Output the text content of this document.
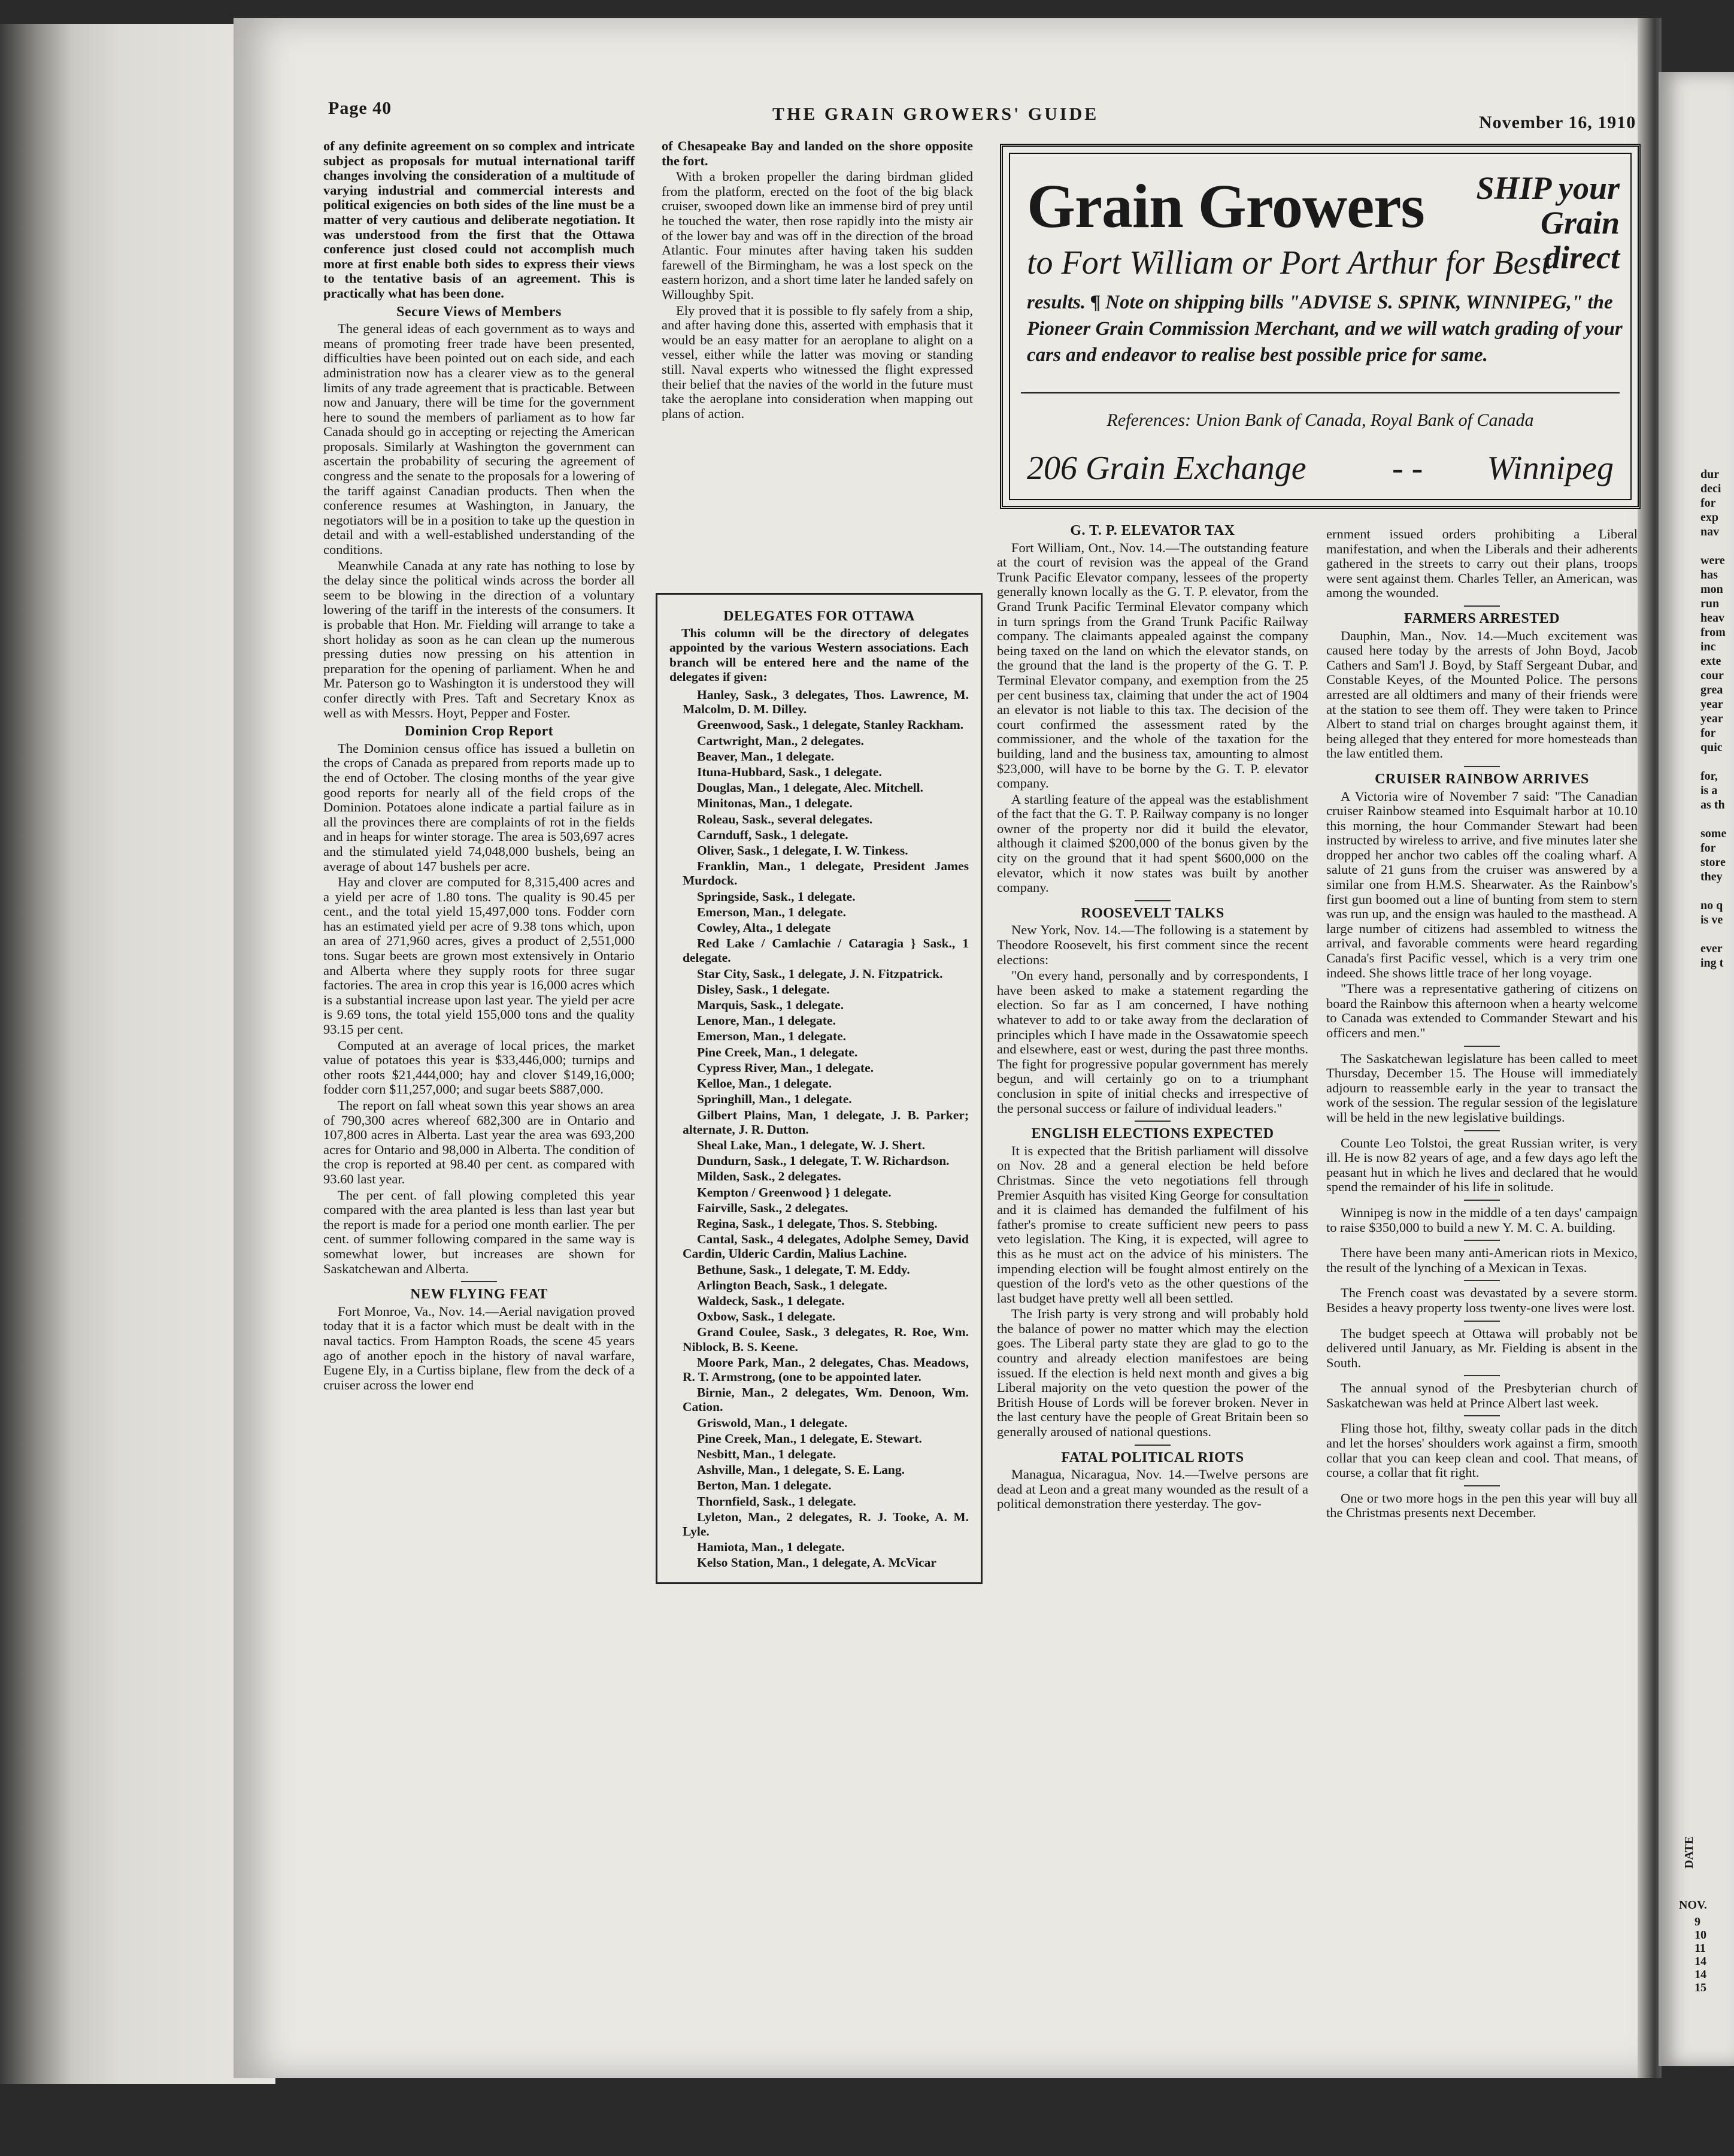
Page 40	THE GRAIN GROWERS' GUIDE	November 16, 1910

of any definite agreement on so complex and intricate subject as proposals for mutual international tariff changes involving the consideration of a multitude of varying industrial and commercial interests and political exigencies on both sides of the line must be a matter of very cautious and deliberate negotiation. It was understood from the first that the Ottawa conference just closed could not accomplish much more at first enable both sides to express their views to the tentative basis of an agreement. This is practically what has been done.

Secure Views of Members

The general ideas of each government as to ways and means of promoting freer trade have been presented, difficulties have been pointed out on each side, and each administration now has a clearer view as to the general limits of any trade agreement that is practicable. Between now and January, there will be time for the government here to sound the members of parliament as to how far Canada should go in accepting or rejecting the American proposals. Similarly at Washington the government can ascertain the probability of securing the agreement of congress and the senate to the proposals for a lowering of the tariff against Canadian products. Then when the conference resumes at Washington, in January, the negotiators will be in a position to take up the question in detail and with a well-established understanding of the conditions.

Meanwhile Canada at any rate has nothing to lose by the delay since the political winds across the border all seem to be blowing in the direction of a voluntary lowering of the tariff in the interests of the consumers. It is probable that Hon. Mr. Fielding will arrange to take a short holiday as soon as he can clean up the numerous pressing duties now pressing on his attention in preparation for the opening of parliament. When he and Mr. Paterson go to Washington it is understood they will confer directly with Pres. Taft and Secretary Knox as well as with Messrs. Hoyt, Pepper and Foster.

Dominion Crop Report

The Dominion census office has issued a bulletin on the crops of Canada as prepared from reports made up to the end of October. The closing months of the year give good reports for nearly all of the field crops of the Dominion. Potatoes alone indicate a partial failure as in all the provinces there are complaints of rot in the fields and in heaps for winter storage. The area is 503,697 acres and the stimulated yield 74,048,000 bushels, being an average of about 147 bushels per acre.

Hay and clover are computed for 8,315,400 acres and a yield per acre of 1.80 tons. The quality is 90.45 per cent., and the total yield 15,497,000 tons. Fodder corn has an estimated yield per acre of 9.38 tons which, upon an area of 271,960 acres, gives a product of 2,551,000 tons. Sugar beets are grown most extensively in Ontario and Alberta where they supply roots for three sugar factories. The area in crop this year is 16,000 acres which is a substantial increase upon last year. The yield per acre is 9.69 tons, the total yield 155,000 tons and the quality 93.15 per cent.

Computed at an average of local prices, the market value of potatoes this year is $33,446,000; turnips and other roots $21,444,000; hay and clover $149,16,000; fodder corn $11,257,000; and sugar beets $887,000.

The report on fall wheat sown this year shows an area of 790,300 acres whereof 682,300 are in Ontario and 107,800 acres in Alberta. Last year the area was 693,200 acres for Ontario and 98,000 in Alberta. The condition of the crop is reported at 98.40 per cent. as compared with 93.60 last year.

The per cent. of fall plowing completed this year compared with the area planted is less than last year but the report is made for a period one month earlier. The per cent. of summer following compared in the same way is somewhat lower, but increases are shown for Saskatchewan and Alberta.

NEW FLYING FEAT

Fort Monroe, Va., Nov. 14.—Aerial navigation proved today that it is a factor which must be dealt with in the naval tactics. From Hampton Roads, the scene 45 years ago of another epoch in the history of naval warfare, Eugene Ely, in a Curtiss biplane, flew from the deck of a cruiser across the lower end

of Chesapeake Bay and landed on the shore opposite the fort.

With a broken propeller the daring birdman glided from the platform, erected on the foot of the big black cruiser, swooped down like an immense bird of prey until he touched the water, then rose rapidly into the misty air of the lower bay and was off in the direction of the broad Atlantic. Four minutes after having taken his sudden farewell of the Birmingham, he was a lost speck on the eastern horizon, and a short time later he landed safely on Willoughby Spit.

Ely proved that it is possible to fly safely from a ship, and after having done this, asserted with emphasis that it would be an easy matter for an aeroplane to alight on a vessel, either while the latter was moving or standing still. Naval experts who witnessed the flight expressed their belief that the navies of the world in the future must take the aeroplane into consideration when mapping out plans of action.

DELEGATES FOR OTTAWA

This column will be the directory of delegates appointed by the various Western associations. Each branch will be entered here and the name of the delegates if given:

Hanley, Sask., 3 delegates, Thos. Lawrence, M. Malcolm, D. M. Dilley.

Greenwood, Sask., 1 delegate, Stanley Rackham.

Cartwright, Man., 2 delegates.

Beaver, Man., 1 delegate.

Ituna-Hubbard, Sask., 1 delegate.

Douglas, Man., 1 delegate, Alec. Mitchell.

Minitonas, Man., 1 delegate.

Roleau, Sask., several delegates.

Carnduff, Sask., 1 delegate.

Oliver, Sask., 1 delegate, I. W. Tinkess.

Franklin, Man., 1 delegate, President James Murdock.

Springside, Sask., 1 delegate.

Emerson, Man., 1 delegate.

Cowley, Alta., 1 delegate

Red Lake / Camlachie / Cataragia } Sask., 1 delegate.

Star City, Sask., 1 delegate, J. N. Fitzpatrick.

Disley, Sask., 1 delegate.

Marquis, Sask., 1 delegate.

Lenore, Man., 1 delegate.

Emerson, Man., 1 delegate.

Pine Creek, Man., 1 delegate.

Cypress River, Man., 1 delegate.

Kelloe, Man., 1 delegate.

Springhill, Man., 1 delegate.

Gilbert Plains, Man, 1 delegate, J. B. Parker; alternate, J. R. Dutton.

Sheal Lake, Man., 1 delegate, W. J. Shert.

Dundurn, Sask., 1 delegate, T. W. Richardson.

Milden, Sask., 2 delegates.

Kempton / Greenwood } 1 delegate.

Fairville, Sask., 2 delegates.

Regina, Sask., 1 delegate, Thos. S. Stebbing.

Cantal, Sask., 4 delegates, Adolphe Semey, David Cardin, Ulderic Cardin, Malius Lachine.

Bethune, Sask., 1 delegate, T. M. Eddy.

Arlington Beach, Sask., 1 delegate.

Waldeck, Sask., 1 delegate.

Oxbow, Sask., 1 delegate.

Grand Coulee, Sask., 3 delegates, R. Roe, Wm. Niblock, B. S. Keene.

Moore Park, Man., 2 delegates, Chas. Meadows, R. T. Armstrong, (one to be appointed later.

Birnie, Man., 2 delegates, Wm. Denoon, Wm. Cation.

Griswold, Man., 1 delegate.

Pine Creek, Man., 1 delegate, E. Stewart.

Nesbitt, Man., 1 delegate.

Ashville, Man., 1 delegate, S. E. Lang.

Berton, Man. 1 delegate.

Thornfield, Sask., 1 delegate.

Lyleton, Man., 2 delegates, R. J. Tooke, A. M. Lyle.

Hamiota, Man., 1 delegate.

Kelso Station, Man., 1 delegate, A. McVicar

Grain Growers	SHIP your Grain direct
to Fort William or Port Arthur for Best
results. ¶ Note on shipping bills "ADVISE S. SPINK, WINNIPEG," the Pioneer Grain Commission Merchant, and we will watch grading of your cars and endeavor to realise best possible price for same.
References: Union Bank of Canada, Royal Bank of Canada
206 Grain Exchange	- - Winnipeg
G. T. P. ELEVATOR TAX

Fort William, Ont., Nov. 14.—The outstanding feature at the court of revision was the appeal of the Grand Trunk Pacific Elevator company, lessees of the property generally known locally as the G. T. P. elevator, from the Grand Trunk Pacific Terminal Elevator company which in turn springs from the Grand Trunk Pacific Railway company. The claimants appealed against the company being taxed on the land on which the elevator stands, on the ground that the land is the property of the G. T. P. Terminal Elevator company, and exemption from the 25 per cent business tax, claiming that under the act of 1904 an elevator is not liable to this tax. The decision of the court confirmed the assessment rated by the commissioner, and the whole of the taxation for the building, land and the business tax, amounting to almost $23,000, will have to be borne by the G. T. P. elevator company.

A startling feature of the appeal was the establishment of the fact that the G. T. P. Railway company is no longer owner of the property nor did it build the elevator, although it claimed $200,000 of the bonus given by the city on the ground that it had spent $600,000 on the elevator, which it now states was built by another company.

ROOSEVELT TALKS

New York, Nov. 14.—The following is a statement by Theodore Roosevelt, his first comment since the recent elections:

"On every hand, personally and by correspondents, I have been asked to make a statement regarding the election. So far as I am concerned, I have nothing whatever to add to or take away from the declaration of principles which I have made in the Ossawatomie speech and elsewhere, east or west, during the past three months. The fight for progressive popular government has merely begun, and will certainly go on to a triumphant conclusion in spite of initial checks and irrespective of the personal success or failure of individual leaders."

ENGLISH ELECTIONS EXPECTED

It is expected that the British parliament will dissolve on Nov. 28 and a general election be held before Christmas. Since the veto negotiations fell through Premier Asquith has visited King George for consultation and it is claimed has demanded the fulfilment of his father's promise to create sufficient new peers to pass veto legislation. The King, it is expected, will agree to this as he must act on the advice of his ministers. The impending election will be fought almost entirely on the question of the lord's veto as the other questions of the last budget have pretty well all been settled.

The Irish party is very strong and will probably hold the balance of power no matter which may the election goes. The Liberal party state they are glad to go to the country and already election manifestoes are being issued. If the election is held next month and gives a big Liberal majority on the veto question the power of the British House of Lords will be forever broken. Never in the last century have the people of Great Britain been so generally aroused of national questions.

FATAL POLITICAL RIOTS

Managua, Nicaragua, Nov. 14.—Twelve persons are dead at Leon and a great many wounded as the result of a political demonstration there yesterday. The gov-

ernment issued orders prohibiting a Liberal manifestation, and when the Liberals and their adherents gathered in the streets to carry out their plans, troops were sent against them. Charles Teller, an American, was among the wounded.

FARMERS ARRESTED

Dauphin, Man., Nov. 14.—Much excitement was caused here today by the arrests of John Boyd, Jacob Cathers and Sam'l J. Boyd, by Staff Sergeant Dubar, and Constable Keyes, of the Mounted Police. The persons arrested are all oldtimers and many of their friends were at the station to see them off. They were taken to Prince Albert to stand trial on charges brought against them, it being alleged that they entered for more homesteads than the law entitled them.

CRUISER RAINBOW ARRIVES

A Victoria wire of November 7 said: "The Canadian cruiser Rainbow steamed into Esquimalt harbor at 10.10 this morning, the hour Commander Stewart had been instructed by wireless to arrive, and five minutes later she dropped her anchor two cables off the coaling wharf. A salute of 21 guns from the cruiser was answered by a similar one from H.M.S. Shearwater. As the Rainbow's first gun boomed out a line of bunting from stem to stern was run up, and the ensign was hauled to the masthead. A large number of citizens had assembled to witness the arrival, and favorable comments were heard regarding Canada's first Pacific vessel, which is a very trim one indeed. She shows little trace of her long voyage.

"There was a representative gathering of citizens on board the Rainbow this afternoon when a hearty welcome to Canada was extended to Commander Stewart and his officers and men."

The Saskatchewan legislature has been called to meet Thursday, December 15. The House will immediately adjourn to reassemble early in the year to transact the work of the session. The regular session of the legislature will be held in the new legislative buildings.

Counte Leo Tolstoi, the great Russian writer, is very ill. He is now 82 years of age, and a few days ago left the peasant hut in which he lives and declared that he would spend the remainder of his life in solitude.

Winnipeg is now in the middle of a ten days' campaign to raise $350,000 to build a new Y. M. C. A. building.

There have been many anti-American riots in Mexico, the result of the lynching of a Mexican in Texas.

The French coast was devastated by a severe storm. Besides a heavy property loss twenty-one lives were lost.

The budget speech at Ottawa will probably not be delivered until January, as Mr. Fielding is absent in the South.

The annual synod of the Presbyterian church of Saskatchewan was held at Prince Albert last week.

Fling those hot, filthy, sweaty collar pads in the ditch and let the horses' shoulders work against a firm, smooth collar that you can keep clean and cool. That means, of course, a collar that fit right.

One or two more hogs in the pen this year will buy all the Christmas presents next December.

dur
deci
for
exp
nav

were
has
mon
run
heav
from
inc
exte
cour
grea
year
year
for
quic

for,
is a
as th

some
for
store
they

no q
is ve

ever
ing t
DATE
NOV.
9
10
11
14
14
15
